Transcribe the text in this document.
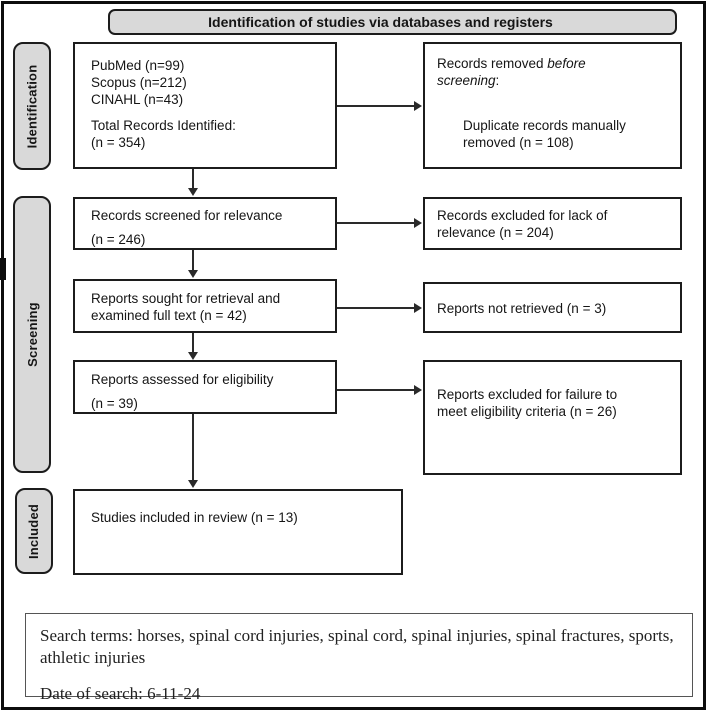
Identification of studies via databases and registers
Identification
Screening
Included
PubMed (n=99)
Scopus (n=212)
CINAHL (n=43)
Total Records Identified:
(n = 354)
Records removed before screening:
Duplicate records manually removed (n = 108)
Records screened for relevance
(n = 246)
Records excluded for lack of relevance (n = 204)
Reports sought for retrieval and examined full text (n = 42)	Reports not retrieved (n = 3)
Reports assessed for eligibility
(n = 39)
Reports excluded for failure to meet eligibility criteria (n = 26)
Studies included in review (n = 13)
Search terms: horses, spinal cord injuries, spinal cord, spinal injuries, spinal fractures, sports, athletic injuries
Date of search: 6-11-24
